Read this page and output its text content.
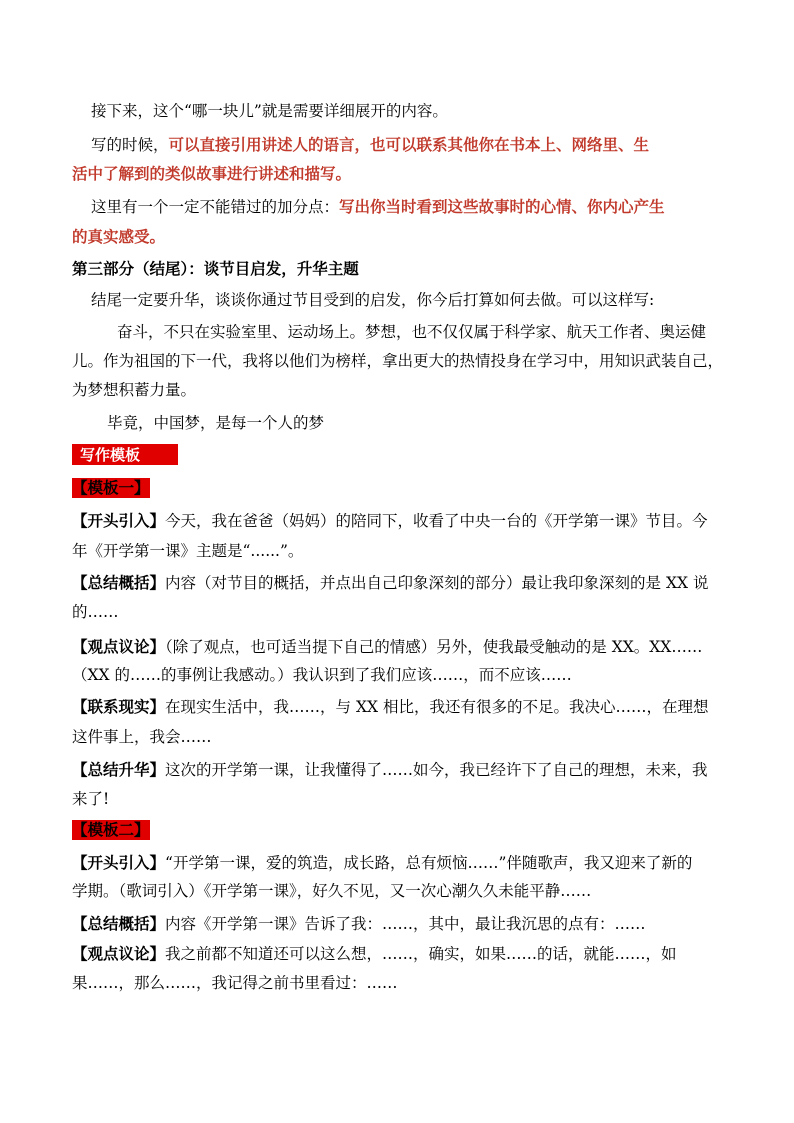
接下来，这个“哪一块儿”就是需要详细展开的内容。
写的时候，可以直接引用讲述人的语言，也可以联系其他你在书本上、网络里、生
活中了解到的类似故事进行讲述和描写。
这里有一个一定不能错过的加分点：写出你当时看到这些故事时的心情、你内心产生
的真实感受。
第三部分（结尾）：谈节目启发，升华主题
结尾一定要升华，谈谈你通过节目受到的启发，你今后打算如何去做。可以这样写:
奋斗，不只在实验室里、运动场上。梦想，也不仅仅属于科学家、航天工作者、奥运健
儿。作为祖国的下一代，我将以他们为榜样，拿出更大的热情投身在学习中，用知识武装自己，
为梦想积蓄力量。
毕竟，中国梦，是每一个人的梦
写作模板
【模板一】
【开头引入】今天，我在爸爸（妈妈）的陪同下，收看了中央一台的《开学第一课》节目。今
年《开学第一课》主题是“......”。
【总结概括】内容（对节目的概括，并点出自己印象深刻的部分）最让我印象深刻的是 XX 说
的……
【观点议论】（除了观点，也可适当提下自己的情感）另外，使我最受触动的是 XX。XX……
（XX 的……的事例让我感动。）我认识到了我们应该……，而不应该……
【联系现实】在现实生活中，我……，与 XX 相比，我还有很多的不足。我决心……，在理想
这件事上，我会……
【总结升华】这次的开学第一课，让我懂得了……如今，我已经许下了自己的理想，未来，我
来了!
【模板二】
【开头引入】“开学第一课，爱的筑造，成长路，总有烦恼……”伴随歌声，我又迎来了新的
学期。（歌词引入）《开学第一课》，好久不见，又一次心潮久久未能平静……
【总结概括】内容《开学第一课》告诉了我：……，其中，最让我沉思的点有：……
【观点议论】我之前都不知道还可以这么想，……，确实，如果……的话，就能……，如
果……，那么……，我记得之前书里看过：……
